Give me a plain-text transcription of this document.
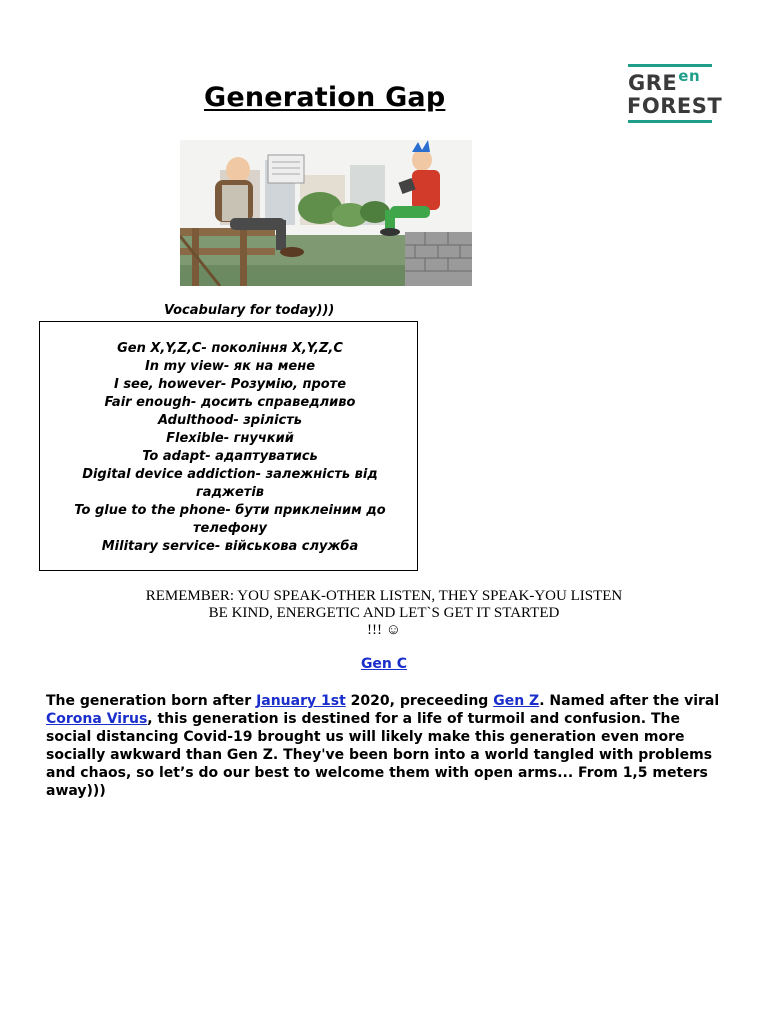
Generation Gap	$GRE^{en}$
FOREST
Vocabulary for today)))
Gen X,Y,Z,C- покоління X,Y,Z,C
In my view- як на мене
I see, however- Розумію, проте
Fair enough- досить справедливо
Adulthood- зрілість
Flexible- гнучкий
To adapt- адаптуватись
Digital device addiction- залежність від гаджетів
To glue to the phone- бути приклеіним до телефону
Military service- військова служба
REMEMBER: YOU SPEAK-OTHER LISTEN, THEY SPEAK-YOU LISTEN
BE KIND, ENERGETIC AND LET`S GET IT STARTED
!!! ☺
Gen C
The generation born after January 1st 2020, preceeding Gen Z. Named after the viral Corona Virus, this generation is destined for a life of turmoil and confusion. The social distancing Covid-19 brought us will likely make this generation even more socially awkward than Gen Z. They've been born into a world tangled with problems and chaos, so let’s do our best to welcome them with open arms... From 1,5 meters away)))
